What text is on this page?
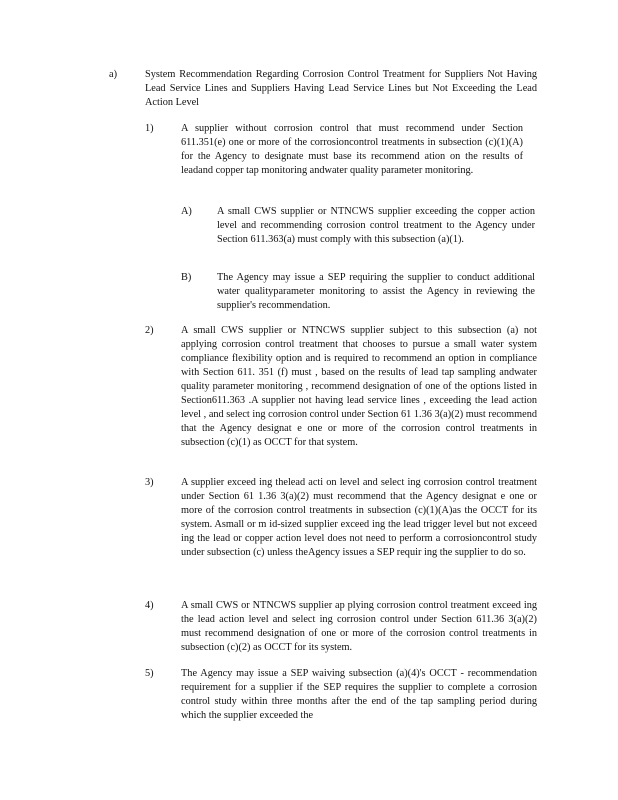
a)	System Recommendation Regarding Corrosion Control Treatment for Suppliers Not Having Lead Service Lines and Suppliers Having Lead Service Lines but Not Exceeding the Lead Action Level
1)	A supplier without corrosion control that must recommend under Section 611.351(e) one or more of the corrosioncontrol treatments in subsection (c)(1)(A) for the Agency to designate must base its recommend ation on the results of leadand copper tap monitoring andwater quality parameter monitoring.
A) A small CWS supplier or NTNCWS supplier exceeding the copper action level and recommending corrosion control treatment to the Agency under Section 611.363(a) must comply with this subsection (a)(1).
B) The Agency may issue a SEP requiring the supplier to conduct additional water qualityparameter monitoring to assist the Agency in reviewing the supplier's recommendation.
2)	A small CWS supplier or NTNCWS supplier subject to this subsection (a) not applying corrosion control treatment that chooses to pursue a small water system compliance flexibility option and is required to recommend an option in compliance with Section 611. 351 (f) must , based on the results of lead tap sampling andwater quality parameter monitoring , recommend designation of one of the options listed in Section611.363 .A supplier not having lead service lines , exceeding the lead action level , and select ing corrosion control under Section 61 1.36 3(a)(2) must recommend that the Agency designat e one or more of the corrosion control treatments in subsection (c)(1) as OCCT for that system.
3)	A supplier exceed ing thelead acti on level and select ing corrosion control treatment under Section 61 1.36 3(a)(2) must recommend that the Agency designat e one or more of the corrosion control treatments in subsection (c)(1)(A)as the OCCT for its system. Asmall or m id-sized supplier exceed ing the lead trigger level but not exceed ing the lead or copper action level does not need to perform a corrosioncontrol study under subsection (c) unless theAgency issues a SEP requir ing the supplier to do so.
4)	A small CWS or NTNCWS supplier ap plying corrosion control treatment exceed ing the lead action level and select ing corrosion control under Section 611.36 3(a)(2) must recommend designation of one or more of the corrosion control treatments in subsection (c)(2) as OCCT for its system.
5)	The Agency may issue a SEP waiving subsection (a)(4)'s OCCT - recommendation requirement for a supplier if the SEP requires the supplier to complete a corrosion control study within three months after the end of the tap sampling period during which the supplier exceeded the
